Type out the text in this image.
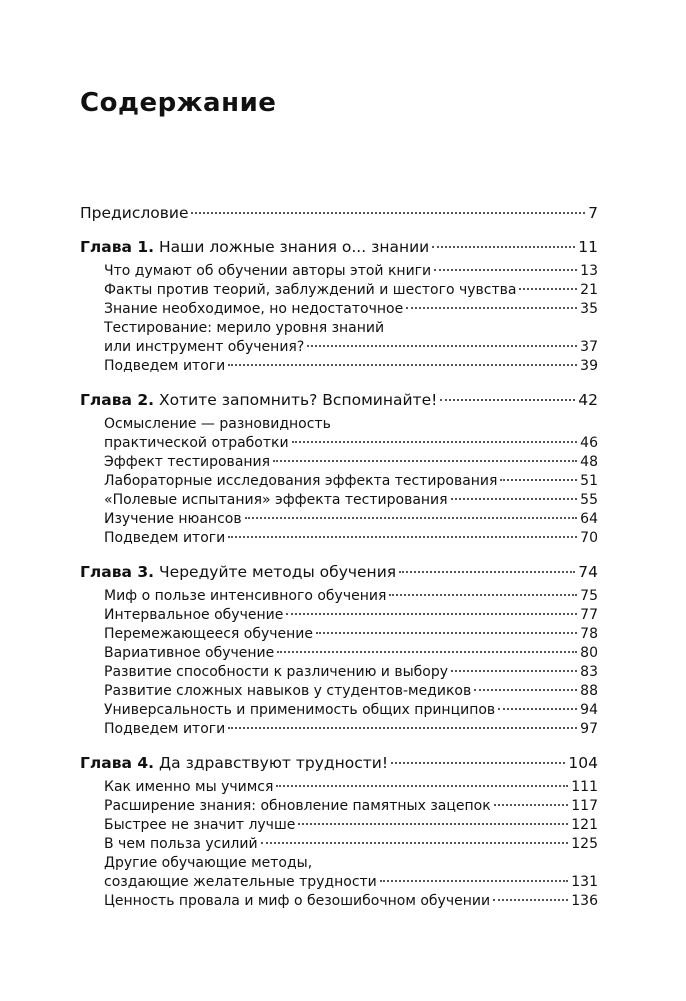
Содержание
Предисловие	7
Глава 1. Наши ложные знания о... знании	11
Что думают об обучении авторы этой книги	13
Факты против теорий, заблуждений и шестого чувства	21
Знание необходимое, но недостаточное	35
Тестирование: мерило уровня знаний
или инструмент обучения?	37
Подведем итоги	39
Глава 2. Хотите запомнить? Вспоминайте!	42
Осмысление — разновидность
практической отработки	46
Эффект тестирования	48
Лабораторные исследования эффекта тестирования	51
«Полевые испытания» эффекта тестирования	55
Изучение нюансов	64
Подведем итоги	70
Глава 3. Чередуйте методы обучения	74
Миф о пользе интенсивного обучения	75
Интервальное обучение	77
Перемежающееся обучение	78
Вариативное обучение	80
Развитие способности к различению и выбору	83
Развитие сложных навыков у студентов-медиков	88
Универсальность и применимость общих принципов	94
Подведем итоги	97
Глава 4. Да здравствуют трудности!	104
Как именно мы учимся	111
Расширение знания: обновление памятных зацепок	117
Быстрее не значит лучше	121
В чем польза усилий	125
Другие обучающие методы,
создающие желательные трудности	131
Ценность провала и миф о безошибочном обучении	136
